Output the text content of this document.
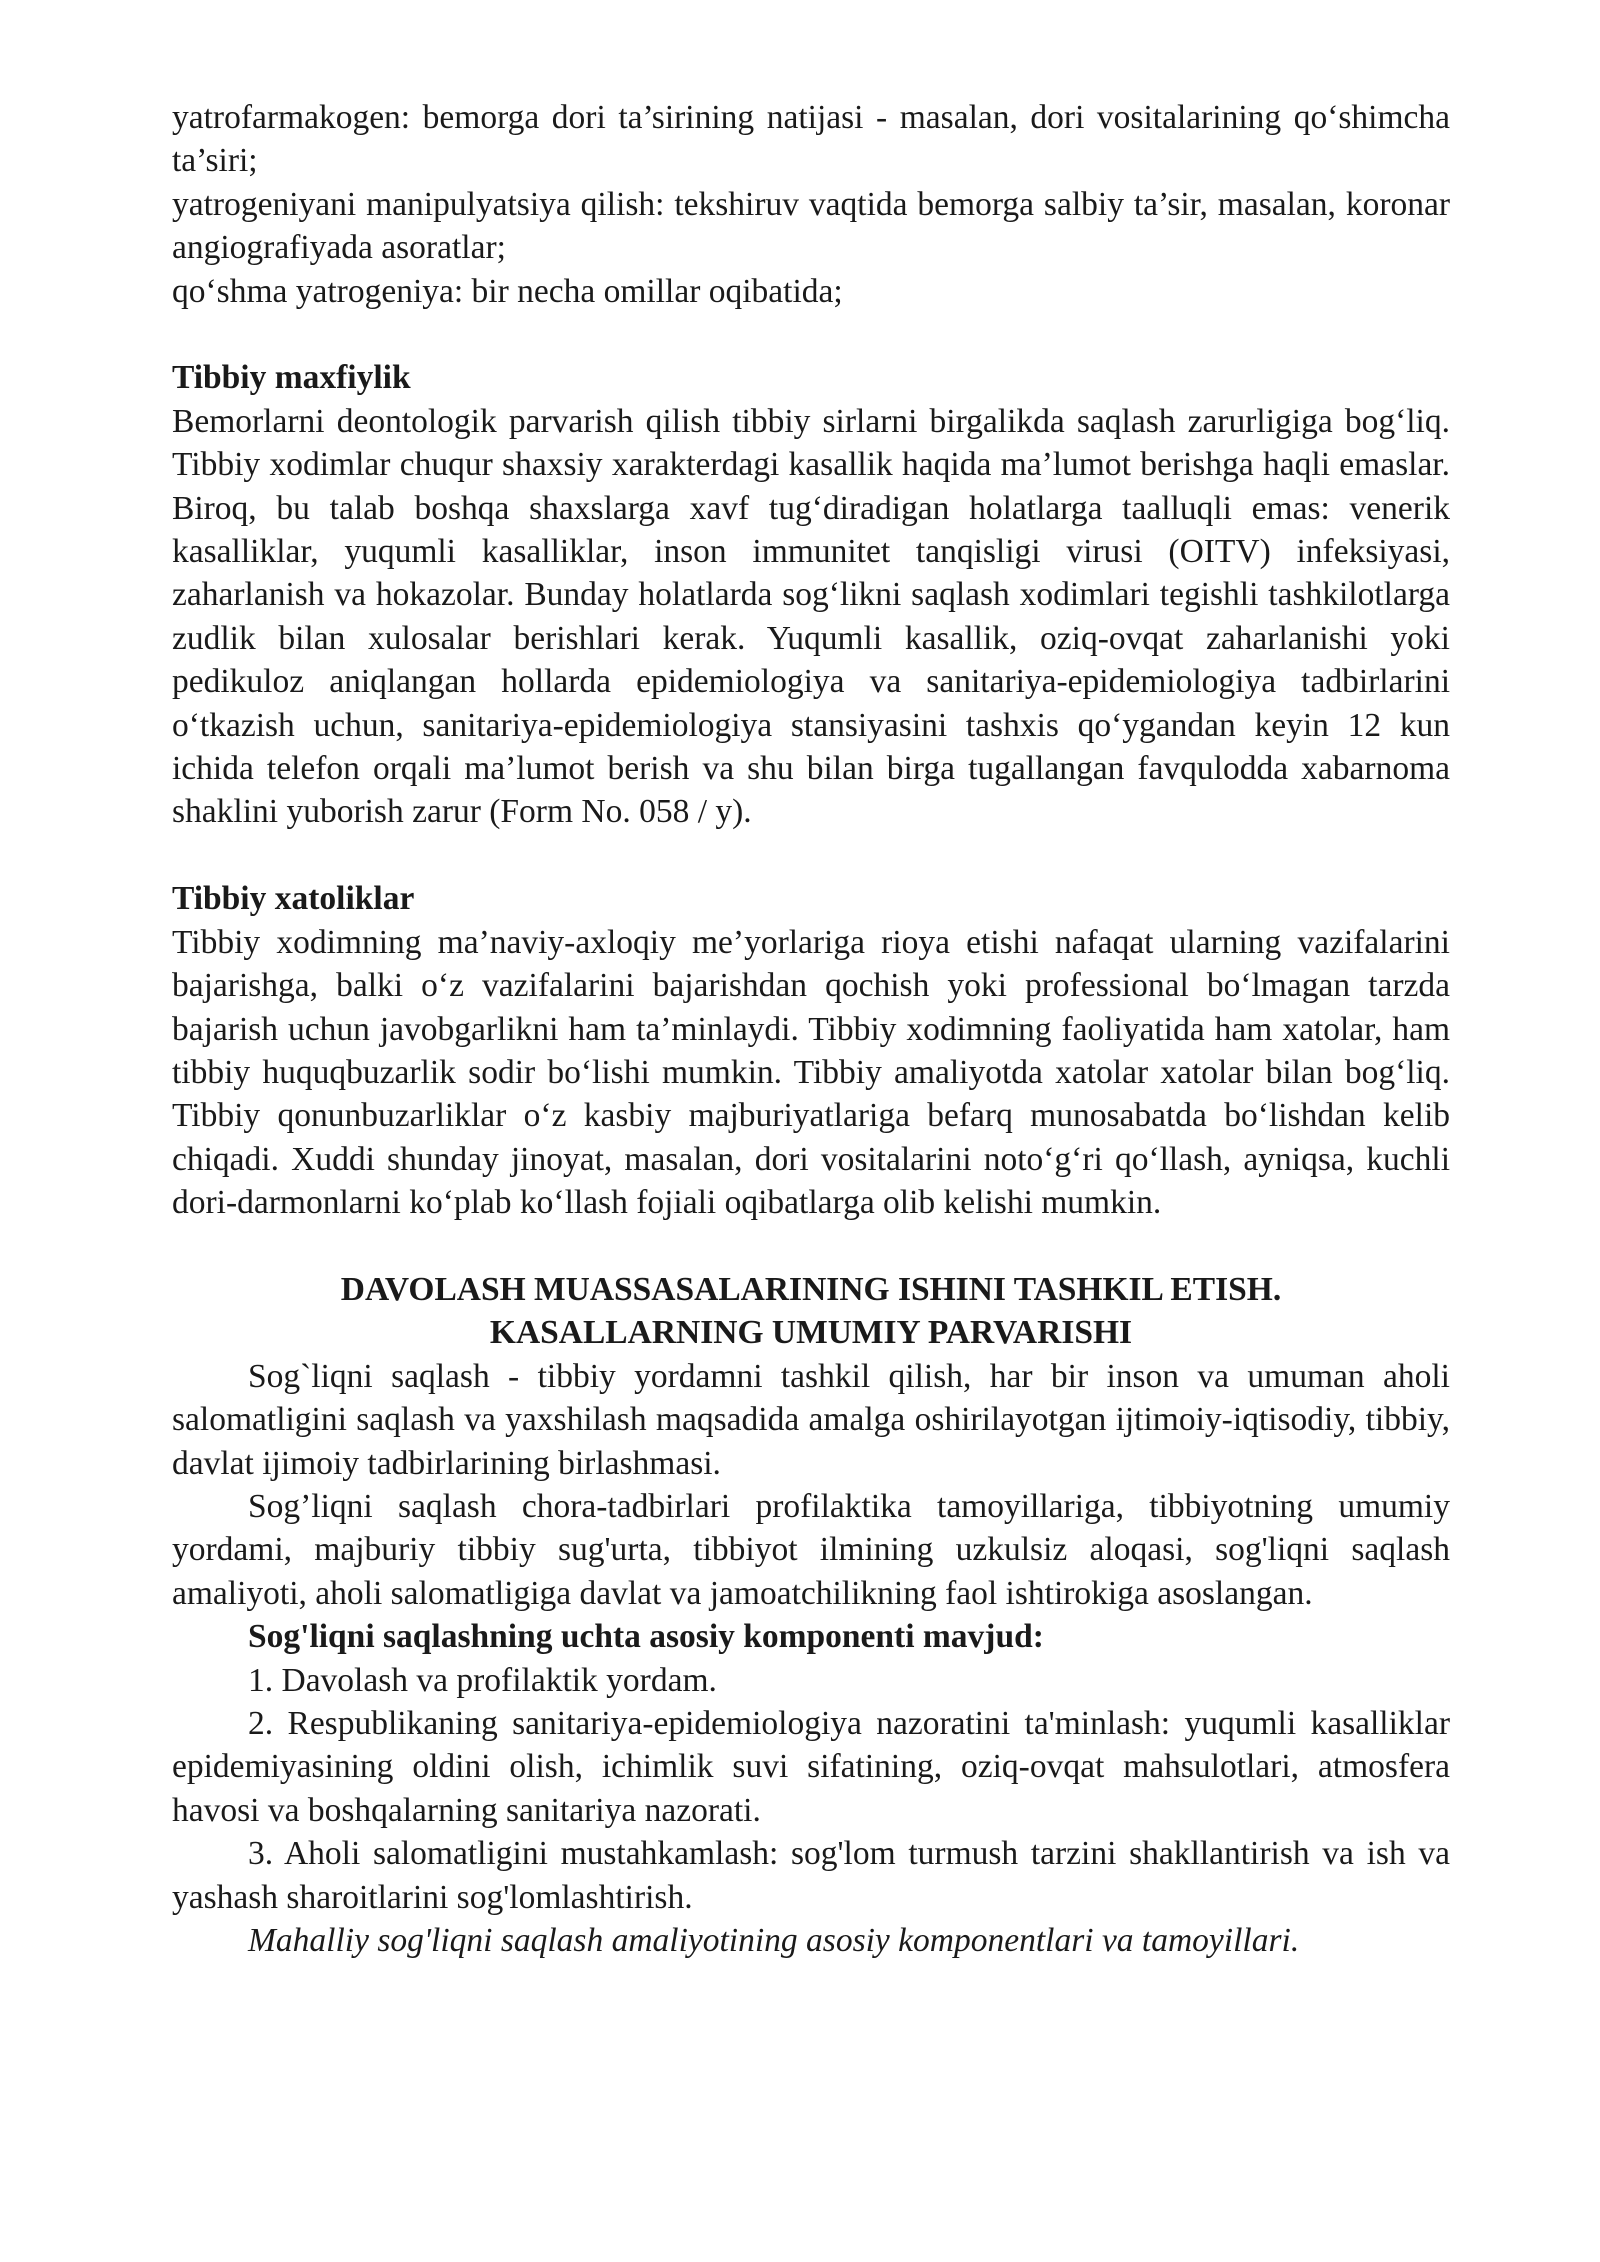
yatrofarmakogen: bemorga dori ta’sirining natijasi - masalan, dori vositalarining qo‘shimcha ta’siri;

yatrogeniyani manipulyatsiya qilish: tekshiruv vaqtida bemorga salbiy ta’sir, masalan, koronar angiografiyada asoratlar;

qo‘shma yatrogeniya: bir necha omillar oqibatida;

Tibbiy maxfiylik

Bemorlarni deontologik parvarish qilish tibbiy sirlarni birgalikda saqlash zarurligiga bog‘liq. Tibbiy xodimlar chuqur shaxsiy xarakterdagi kasallik haqida ma’lumot berishga haqli emaslar. Biroq, bu talab boshqa shaxslarga xavf tug‘diradigan holatlarga taalluqli emas: venerik kasalliklar, yuqumli kasalliklar, inson immunitet tanqisligi virusi (OITV) infeksiyasi, zaharlanish va hokazolar. Bunday holatlarda sog‘likni saqlash xodimlari tegishli tashkilotlarga zudlik bilan xulosalar berishlari kerak. Yuqumli kasallik, oziq-ovqat zaharlanishi yoki pedikuloz aniqlangan hollarda epidemiologiya va sanitariya-epidemiologiya tadbirlarini o‘tkazish uchun, sanitariya-epidemiologiya stansiyasini tashxis qo‘ygandan keyin 12 kun ichida telefon orqali ma’lumot berish va shu bilan birga tugallangan favqulodda xabarnoma shaklini yuborish zarur (Form No. 058 / y).

Tibbiy xatoliklar

Tibbiy xodimning ma’naviy-axloqiy me’yorlariga rioya etishi nafaqat ularning vazifalarini bajarishga, balki o‘z vazifalarini bajarishdan qochish yoki professional bo‘lmagan tarzda bajarish uchun javobgarlikni ham ta’minlaydi. Tibbiy xodimning faoliyatida ham xatolar, ham tibbiy huquqbuzarlik sodir bo‘lishi mumkin. Tibbiy amaliyotda xatolar xatolar bilan bog‘liq. Tibbiy qonunbuzarliklar o‘z kasbiy majburiyatlariga befarq munosabatda bo‘lishdan kelib chiqadi. Xuddi shunday jinoyat, masalan, dori vositalarini noto‘g‘ri qo‘llash, ayniqsa, kuchli dori-darmonlarni ko‘plab ko‘llash fojiali oqibatlarga olib kelishi mumkin.

DAVOLASH MUASSASALARINING ISHINI TASHKIL ETISH.

KASALLARNING UMUMIY PARVARISHI

Sog`liqni saqlash - tibbiy yordamni tashkil qilish, har bir inson va umuman aholi salomatligini saqlash va yaxshilash maqsadida amalga oshirilayotgan ijtimoiy-iqtisodiy, tibbiy, davlat ijimoiy tadbirlarining birlashmasi.

Sog’liqni saqlash chora-tadbirlari profilaktika tamoyillariga, tibbiyotning umumiy yordami, majburiy tibbiy sug'urta, tibbiyot ilmining uzkulsiz aloqasi, sog'liqni saqlash amaliyoti, aholi salomatligiga davlat va jamoatchilikning faol ishtirokiga asoslangan.

Sog'liqni saqlashning uchta asosiy komponenti mavjud:

1. Davolash va profilaktik yordam.

2. Respublikaning sanitariya-epidemiologiya nazoratini ta'minlash: yuqumli kasalliklar epidemiyasining oldini olish, ichimlik suvi sifatining, oziq-ovqat mahsulotlari, atmosfera havosi va boshqalarning sanitariya nazorati.

3. Aholi salomatligini mustahkamlash: sog'lom turmush tarzini shakllantirish va ish va yashash sharoitlarini sog'lomlashtirish.

Mahalliy sog'liqni saqlash amaliyotining asosiy komponentlari va tamoyillari.
